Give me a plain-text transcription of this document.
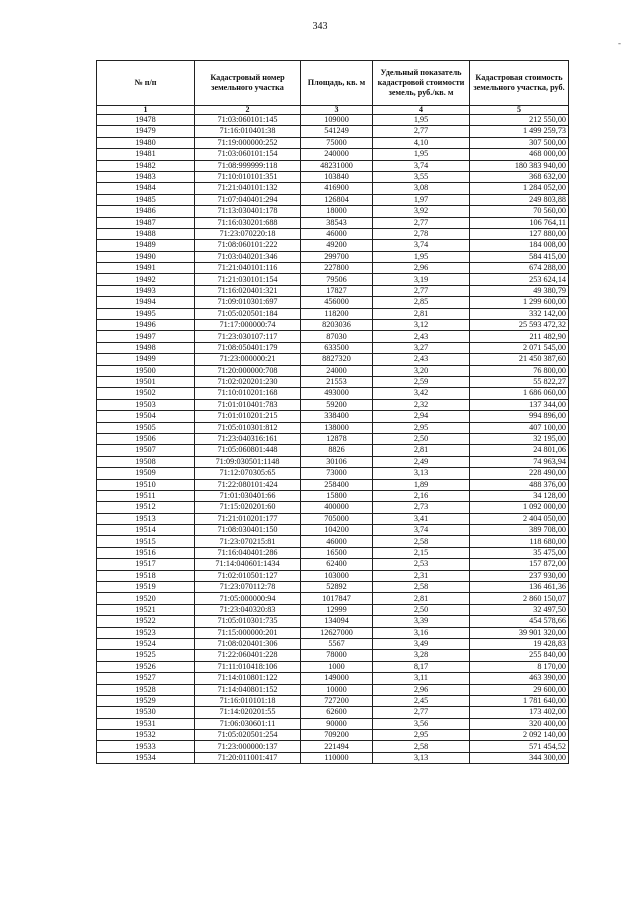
343
-
№ п/п	Кадастровый номер земельного участка	Площадь, кв. м	Удельный показатель кадастровой стоимости земель, руб./кв. м	Кадастровая стоимость земельного участка, руб.
1	2	3	4	5
19478	71:03:060101:145	109000	1,95	212 550,00
19479	71:16:010401:38	541249	2,77	1 499 259,73
19480	71:19:000000:252	75000	4,10	307 500,00
19481	71:03:060101:154	240000	1,95	468 000,00
19482	71:08:999999:118	48231000	3,74	180 383 940,00
19483	71:10:010101:351	103840	3,55	368 632,00
19484	71:21:040101:132	416900	3,08	1 284 052,00
19485	71:07:040401:294	126804	1,97	249 803,88
19486	71:13:030401:178	18000	3,92	70 560,00
19487	71:16:030201:688	38543	2,77	106 764,11
19488	71:23:070220:18	46000	2,78	127 880,00
19489	71:08:060101:222	49200	3,74	184 008,00
19490	71:03:040201:346	299700	1,95	584 415,00
19491	71:21:040101:116	227800	2,96	674 288,00
19492	71:21:030101:154	79506	3,19	253 624,14
19493	71:16:020401:321	17827	2,77	49 380,79
19494	71:09:010301:697	456000	2,85	1 299 600,00
19495	71:05:020501:184	118200	2,81	332 142,00
19496	71:17:000000:74	8203036	3,12	25 593 472,32
19497	71:23:030107:117	87030	2,43	211 482,90
19498	71:08:050401:179	633500	3,27	2 071 545,00
19499	71:23:000000:21	8827320	2,43	21 450 387,60
19500	71:20:000000:708	24000	3,20	76 800,00
19501	71:02:020201:230	21553	2,59	55 822,27
19502	71:10:010201:168	493000	3,42	1 686 060,00
19503	71:01:010401:783	59200	2,32	137 344,00
19504	71:01:010201:215	338400	2,94	994 896,00
19505	71:05:010301:812	138000	2,95	407 100,00
19506	71:23:040316:161	12878	2,50	32 195,00
19507	71:05:060801:448	8826	2,81	24 801,06
19508	71:09:030501:1148	30106	2,49	74 963,94
19509	71:12:070305:65	73000	3,13	228 490,00
19510	71:22:080101:424	258400	1,89	488 376,00
19511	71:01:030401:66	15800	2,16	34 128,00
19512	71:15:020201:60	400000	2,73	1 092 000,00
19513	71:21:010201:177	705000	3,41	2 404 050,00
19514	71:08:030401:150	104200	3,74	389 708,00
19515	71:23:070215:81	46000	2,58	118 680,00
19516	71:16:040401:286	16500	2,15	35 475,00
19517	71:14:040601:1434	62400	2,53	157 872,00
19518	71:02:010501:127	103000	2,31	237 930,00
19519	71:23:070112:78	52892	2,58	136 461,36
19520	71:05:000000:94	1017847	2,81	2 860 150,07
19521	71:23:040320:83	12999	2,50	32 497,50
19522	71:05:010301:735	134094	3,39	454 578,66
19523	71:15:000000:201	12627000	3,16	39 901 320,00
19524	71:08:020401:306	5567	3,49	19 428,83
19525	71:22:060401:228	78000	3,28	255 840,00
19526	71:11:010418:106	1000	8,17	8 170,00
19527	71:14:010801:122	149000	3,11	463 390,00
19528	71:14:040801:152	10000	2,96	29 600,00
19529	71:16:010101:18	727200	2,45	1 781 640,00
19530	71:14:020201:55	62600	2,77	173 402,00
19531	71:06:030601:11	90000	3,56	320 400,00
19532	71:05:020501:254	709200	2,95	2 092 140,00
19533	71:23:000000:137	221494	2,58	571 454,52
19534	71:20:011001:417	110000	3,13	344 300,00
